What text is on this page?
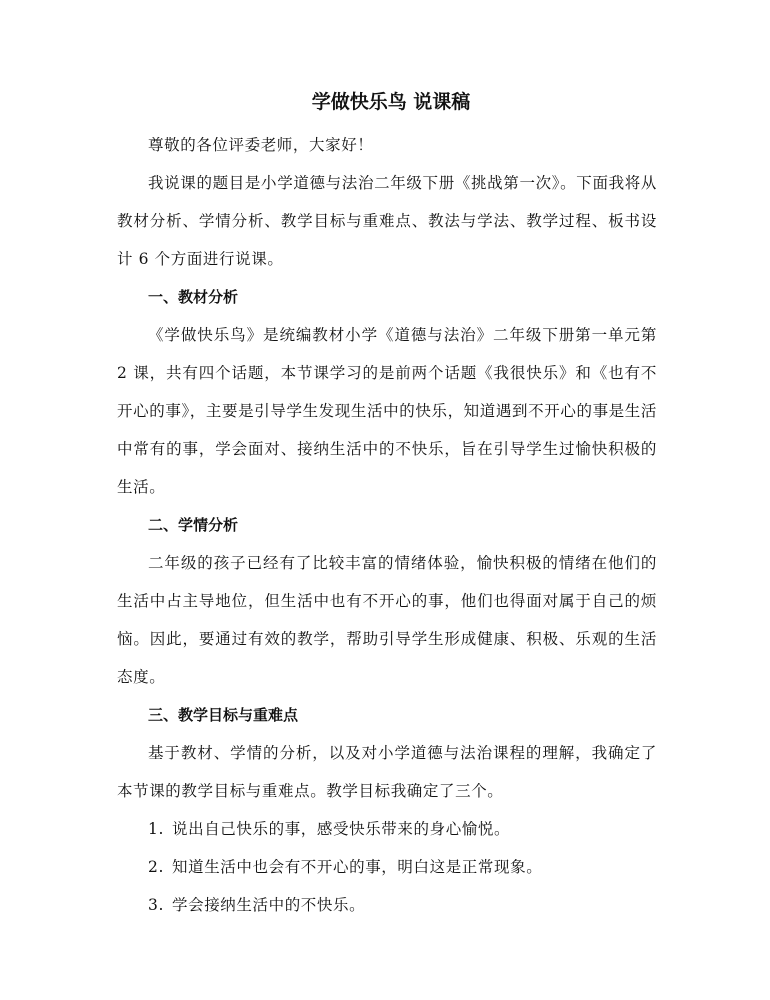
学做快乐鸟 说课稿

尊敬的各位评委老师，大家好！

我说课的题目是小学道德与法治二年级下册《挑战第一次》。下面我将从教材分析、学情分析、教学目标与重难点、教法与学法、教学过程、板书设计 6 个方面进行说课。

一、教材分析

《学做快乐鸟》是统编教材小学《道德与法治》二年级下册第一单元第 2 课，共有四个话题，本节课学习的是前两个话题《我很快乐》和《也有不开心的事》，主要是引导学生发现生活中的快乐，知道遇到不开心的事是生活中常有的事，学会面对、接纳生活中的不快乐，旨在引导学生过愉快积极的生活。

二、学情分析

二年级的孩子已经有了比较丰富的情绪体验，愉快积极的情绪在他们的生活中占主导地位，但生活中也有不开心的事，他们也得面对属于自己的烦恼。因此，要通过有效的教学，帮助引导学生形成健康、积极、乐观的生活态度。

三、教学目标与重难点

基于教材、学情的分析，以及对小学道德与法治课程的理解，我确定了本节课的教学目标与重难点。教学目标我确定了三个。

1. 说出自己快乐的事，感受快乐带来的身心愉悦。

2. 知道生活中也会有不开心的事，明白这是正常现象。

3. 学会接纳生活中的不快乐。
